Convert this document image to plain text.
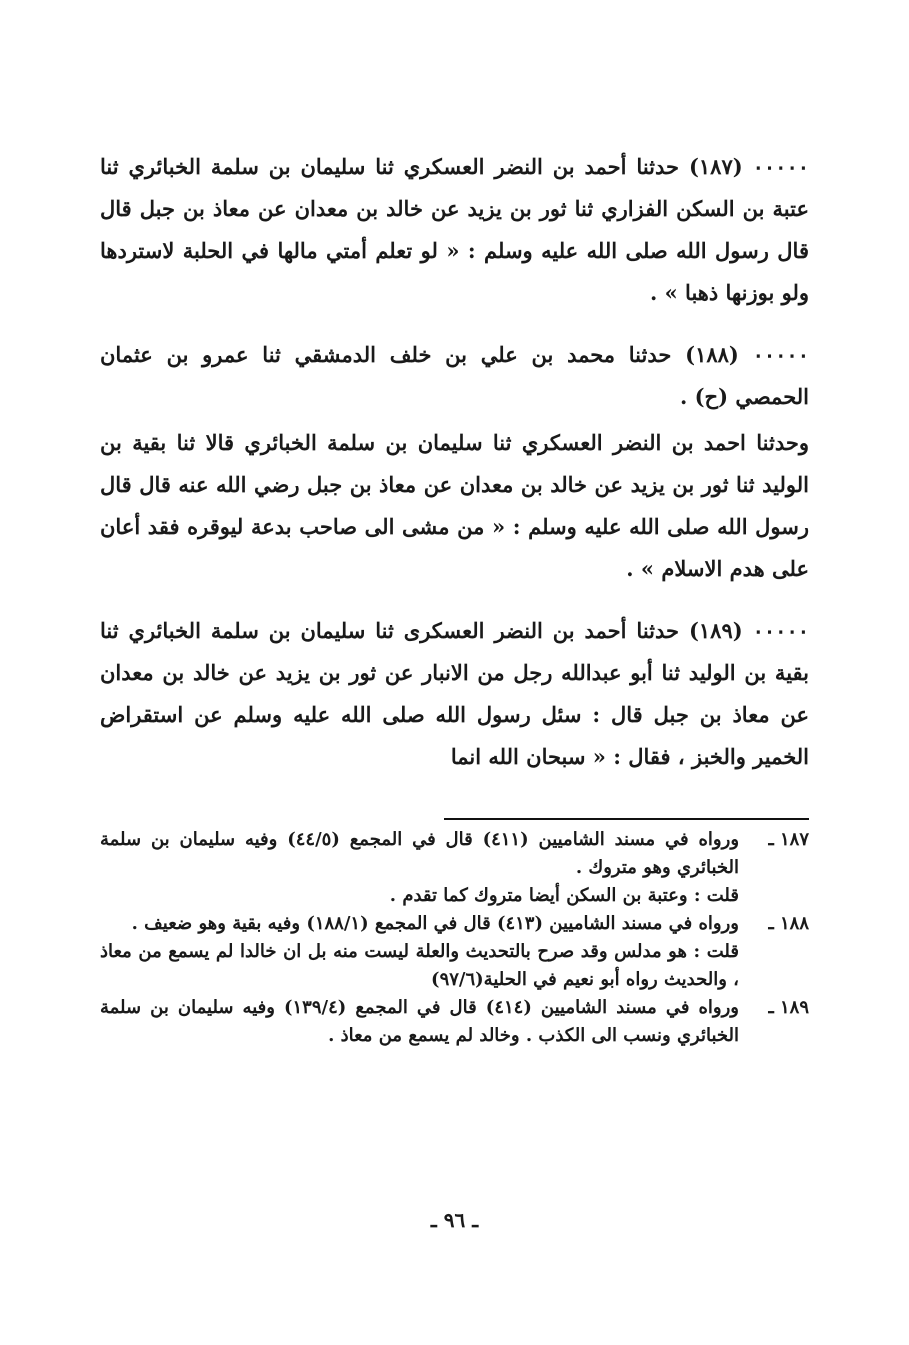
٠٠٠٠٠ (١٨٧) حدثنا أحمد بن النضر العسكري ثنا سليمان بن سلمة الخبائري ثنا عتبة بن السكن الفزاري ثنا ثور بن يزيد عن خالد بن معدان عن معاذ بن جبل قال قال رسول الله صلى الله عليه وسلم : « لو تعلم أمتي مالها في الحلبة لاستردها ولو بوزنها ذهبا » .

٠٠٠٠٠ (١٨٨) حدثنا محمد بن علي بن خلف الدمشقي ثنا عمرو بن عثمان الحمصي (ح) .

وحدثنا احمد بن النضر العسكري ثنا سليمان بن سلمة الخبائري قالا ثنا بقية بن الوليد ثنا ثور بن يزيد عن خالد بن معدان عن معاذ بن جبل رضي الله عنه قال قال رسول الله صلى الله عليه وسلم : « من مشى الى صاحب بدعة ليوقره فقد أعان على هدم الاسلام » .

٠٠٠٠٠ (١٨٩) حدثنا أحمد بن النضر العسكرى ثنا سليمان بن سلمة الخبائري ثنا بقية بن الوليد ثنا أبو عبدالله رجل من الانبار عن ثور بن يزيد عن خالد بن معدان عن معاذ بن جبل قال : سئل رسول الله صلى الله عليه وسلم عن استقراض الخمير والخبز ، فقال : « سبحان الله انما

١٨٧ ـ
ورواه في مسند الشاميين (٤١١) قال في المجمع (٤٤/٥) وفيه سليمان بن سلمة الخبائري وهو متروك .
قلت : وعتبة بن السكن أيضا متروك كما تقدم .
١٨٨ ـ
ورواه في مسند الشاميين (٤١٣) قال في المجمع (١٨٨/١) وفيه بقية وهو ضعيف .
قلت : هو مدلس وقد صرح بالتحديث والعلة ليست منه بل ان خالدا لم يسمع من معاذ ، والحديث رواه أبو نعيم في الحلية(٩٧/٦)
١٨٩ ـ
ورواه في مسند الشاميين (٤١٤) قال في المجمع (١٣٩/٤) وفيه سليمان بن سلمة الخبائري ونسب الى الكذب . وخالد لم يسمع من معاذ .
ـ ٩٦ ـ
